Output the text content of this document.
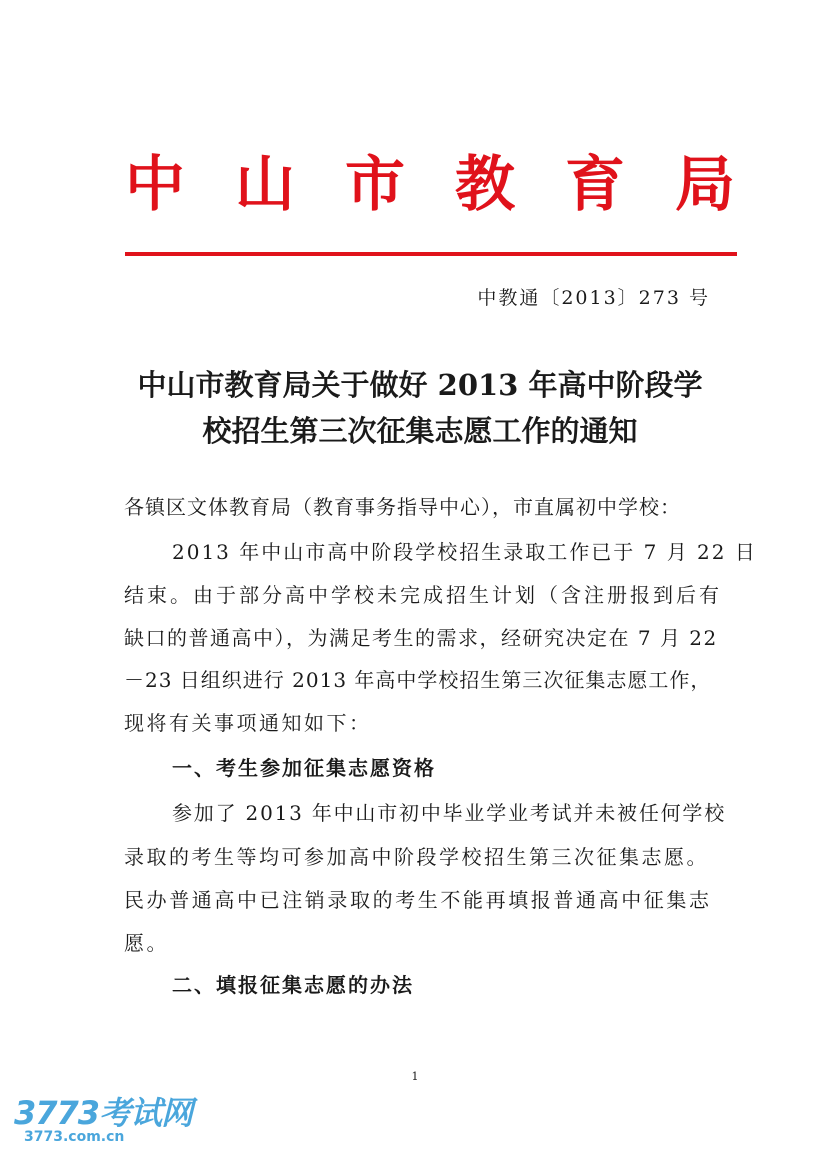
中 山 市 教 育 局
中教通〔2013〕273 号
中山市教育局关于做好 2013 年高中阶段学
校招生第三次征集志愿工作的通知
各镇区文体教育局（教育事务指导中心），市直属初中学校：
2013 年中山市高中阶段学校招生录取工作已于 7 月 22 日
结束。由于部分高中学校未完成招生计划（含注册报到后有
缺口的普通高中），为满足考生的需求，经研究决定在 7 月 22
－23 日组织进行 2013 年高中学校招生第三次征集志愿工作，
现将有关事项通知如下：
一、考生参加征集志愿资格
参加了 2013 年中山市初中毕业学业考试并未被任何学校
录取的考生等均可参加高中阶段学校招生第三次征集志愿。
民办普通高中已注销录取的考生不能再填报普通高中征集志
愿。
二、填报征集志愿的办法
1
3773考试网
3773.com.cn
